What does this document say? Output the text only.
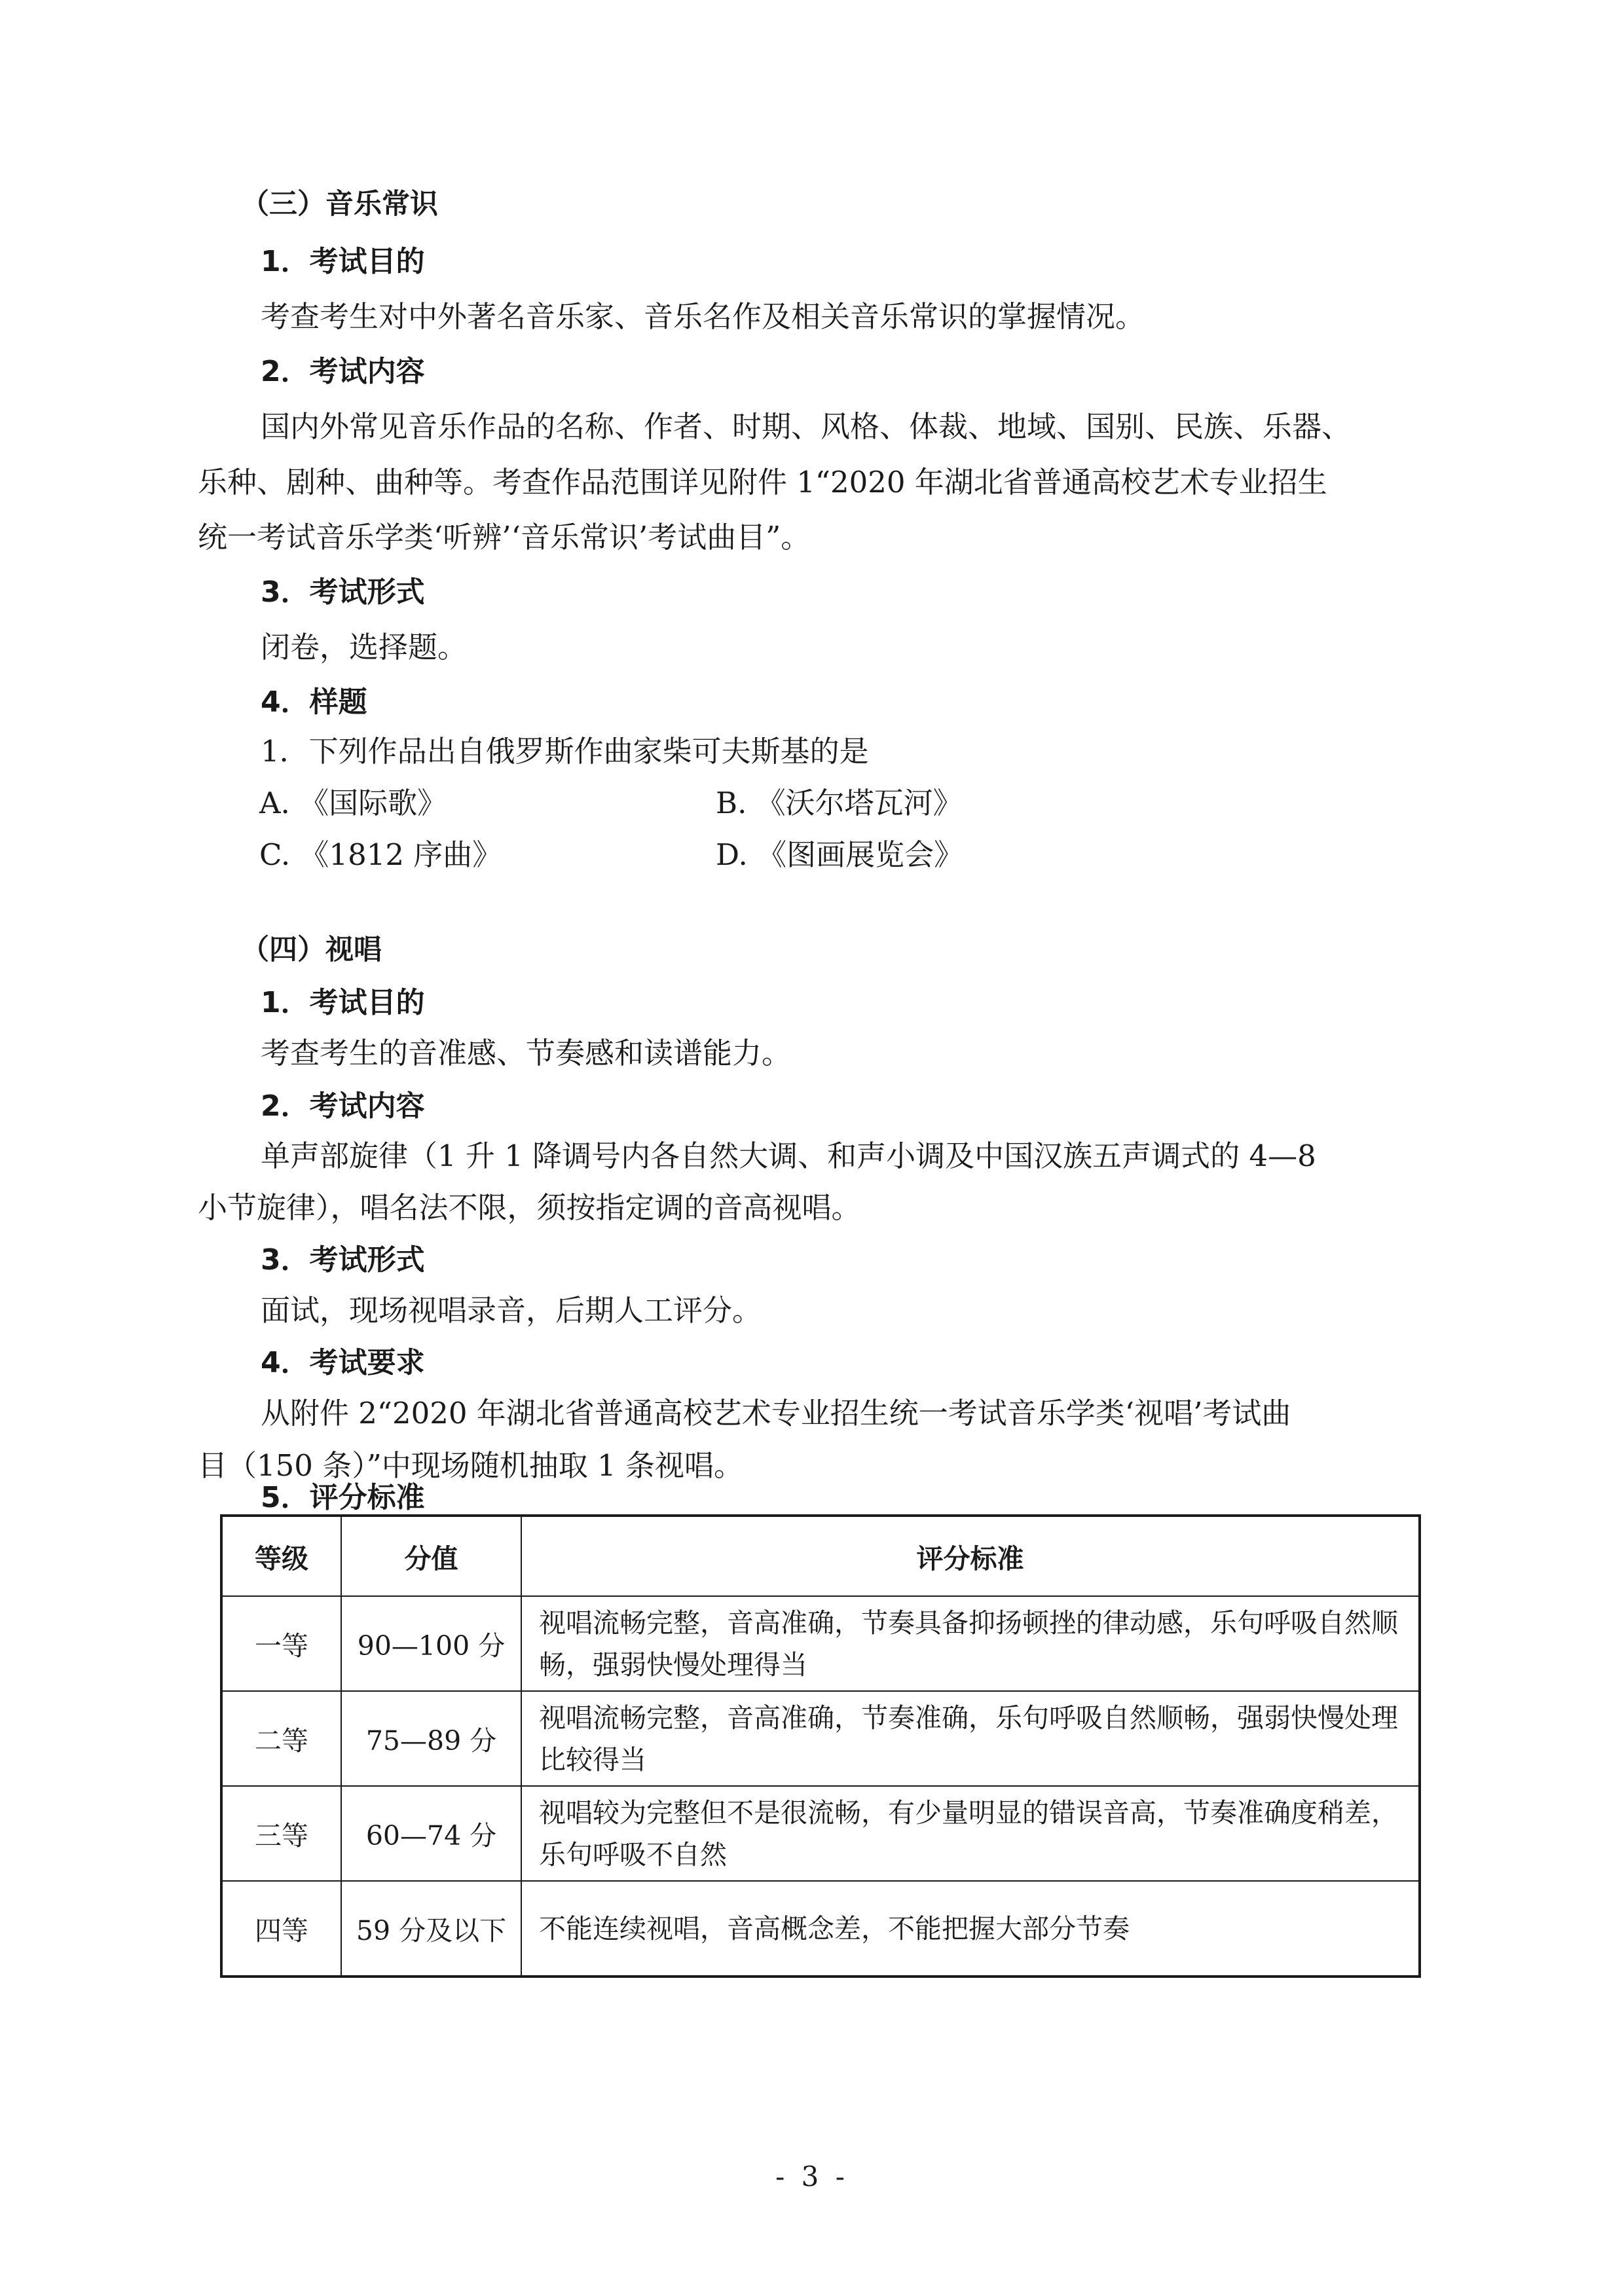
（三）音乐常识
1．考试目的
考查考生对中外著名音乐家、音乐名作及相关音乐常识的掌握情况。
2．考试内容
国内外常见音乐作品的名称、作者、时期、风格、体裁、地域、国别、民族、乐器、
乐种、剧种、曲种等。考查作品范围详见附件 1“2020 年湖北省普通高校艺术专业招生
统一考试音乐学类‘听辨’‘音乐常识’考试曲目”。
3．考试形式
闭卷，选择题。
4．样题
1．下列作品出自俄罗斯作曲家柴可夫斯基的是
A. 《国际歌》	B. 《沃尔塔瓦河》
C. 《1812 序曲》	D. 《图画展览会》
（四）视唱
1．考试目的
考查考生的音准感、节奏感和读谱能力。
2．考试内容
单声部旋律（1 升 1 降调号内各自然大调、和声小调及中国汉族五声调式的 4—8
小节旋律），唱名法不限，须按指定调的音高视唱。
3．考试形式
面试，现场视唱录音，后期人工评分。
4．考试要求
从附件 2“2020 年湖北省普通高校艺术专业招生统一考试音乐学类‘视唱’考试曲
目（150 条）”中现场随机抽取 1 条视唱。
5．评分标准
等级	分值	评分标准
一等	90—100 分	视唱流畅完整，音高准确，节奏具备抑扬顿挫的律动感，乐句呼吸自然顺畅，强弱快慢处理得当
二等	75—89 分	视唱流畅完整，音高准确，节奏准确，乐句呼吸自然顺畅，强弱快慢处理比较得当
三等	60—74 分	视唱较为完整但不是很流畅，有少量明显的错误音高，节奏准确度稍差，乐句呼吸不自然
四等	59 分及以下	不能连续视唱，音高概念差，不能把握大部分节奏
- 3 -
